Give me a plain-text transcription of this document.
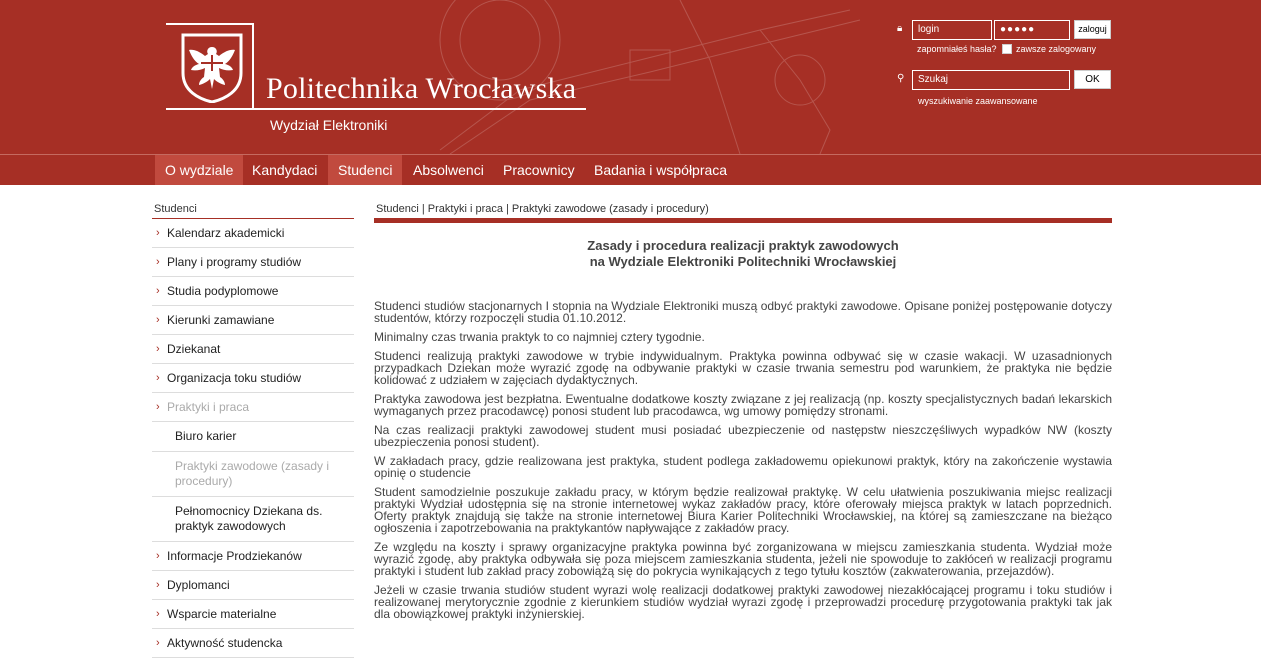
Politechnika Wrocławska
Wydział Elektroniki
🔒︎	login	●●●●●	zaloguj
zapomniałeś hasła? zawsze zalogowany
⚲	Szukaj	OK
wyszukiwanie zaawansowane
O wydziale	Kandydaci	Studenci	Absolwenci	Pracownicy	Badania i współpraca
Studenci
› Kalendarz akademicki
› Plany i programy studiów
› Studia podyplomowe
› Kierunki zamawiane
› Dziekanat
› Organizacja toku studiów
› Praktyki i praca
Biuro karier
Praktyki zawodowe (zasady i procedury)
Pełnomocnicy Dziekana ds. praktyk zawodowych
› Informacje Prodziekanów
› Dyplomanci
› Wsparcie materialne
› Aktywność studencka
Studenci | Praktyki i praca | Praktyki zawodowe (zasady i procedury)
Zasady i procedura realizacji praktyk zawodowych
na Wydziale Elektroniki Politechniki Wrocławskiej

Studenci studiów stacjonarnych I stopnia na Wydziale Elektroniki muszą odbyć praktyki zawodowe. Opisane poniżej postępowanie dotyczy studentów, którzy rozpoczęli studia 01.10.2012.

Minimalny czas trwania praktyk to co najmniej cztery tygodnie.

Studenci realizują praktyki zawodowe w trybie indywidualnym. Praktyka powinna odbywać się w czasie wakacji. W uzasadnionych przypadkach Dziekan może wyrazić zgodę na odbywanie praktyki w czasie trwania semestru pod warunkiem, że praktyka nie będzie kolidować z udziałem w zajęciach dydaktycznych.

Praktyka zawodowa jest bezpłatna. Ewentualne dodatkowe koszty związane z jej realizacją (np. koszty specjalistycznych badań lekarskich wymaganych przez pracodawcę) ponosi student lub pracodawca, wg umowy pomiędzy stronami.

Na czas realizacji praktyki zawodowej student musi posiadać ubezpieczenie od następstw nieszczęśliwych wypadków NW (koszty ubezpieczenia ponosi student).

W zakładach pracy, gdzie realizowana jest praktyka, student podlega zakładowemu opiekunowi praktyk, który na zakończenie wystawia opinię o studencie

Student samodzielnie poszukuje zakładu pracy, w którym będzie realizował praktykę. W celu ułatwienia poszukiwania miejsc realizacji praktyki Wydział udostępnia się na stronie internetowej wykaz zakładów pracy, które oferowały miejsca praktyk w latach poprzednich. Oferty praktyk znajdują się także na stronie internetowej Biura Karier Politechniki Wrocławskiej, na której są zamieszczane na bieżąco ogłoszenia i zapotrzebowania na praktykantów napływające z zakładów pracy.

Ze względu na koszty i sprawy organizacyjne praktyka powinna być zorganizowana w miejscu zamieszkania studenta. Wydział może wyrazić zgodę, aby praktyka odbywała się poza miejscem zamieszkania studenta, jeżeli nie spowoduje to zakłóceń w realizacji programu praktyki i student lub zakład pracy zobowiążą się do pokrycia wynikających z tego tytułu kosztów (zakwaterowania, przejazdów).

Jeżeli w czasie trwania studiów student wyrazi wolę realizacji dodatkowej praktyki zawodowej niezakłócającej programu i toku studiów i realizowanej merytorycznie zgodnie z kierunkiem studiów wydział wyrazi zgodę i przeprowadzi procedurę przygotowania praktyki tak jak dla obowiązkowej praktyki inżynierskiej.
